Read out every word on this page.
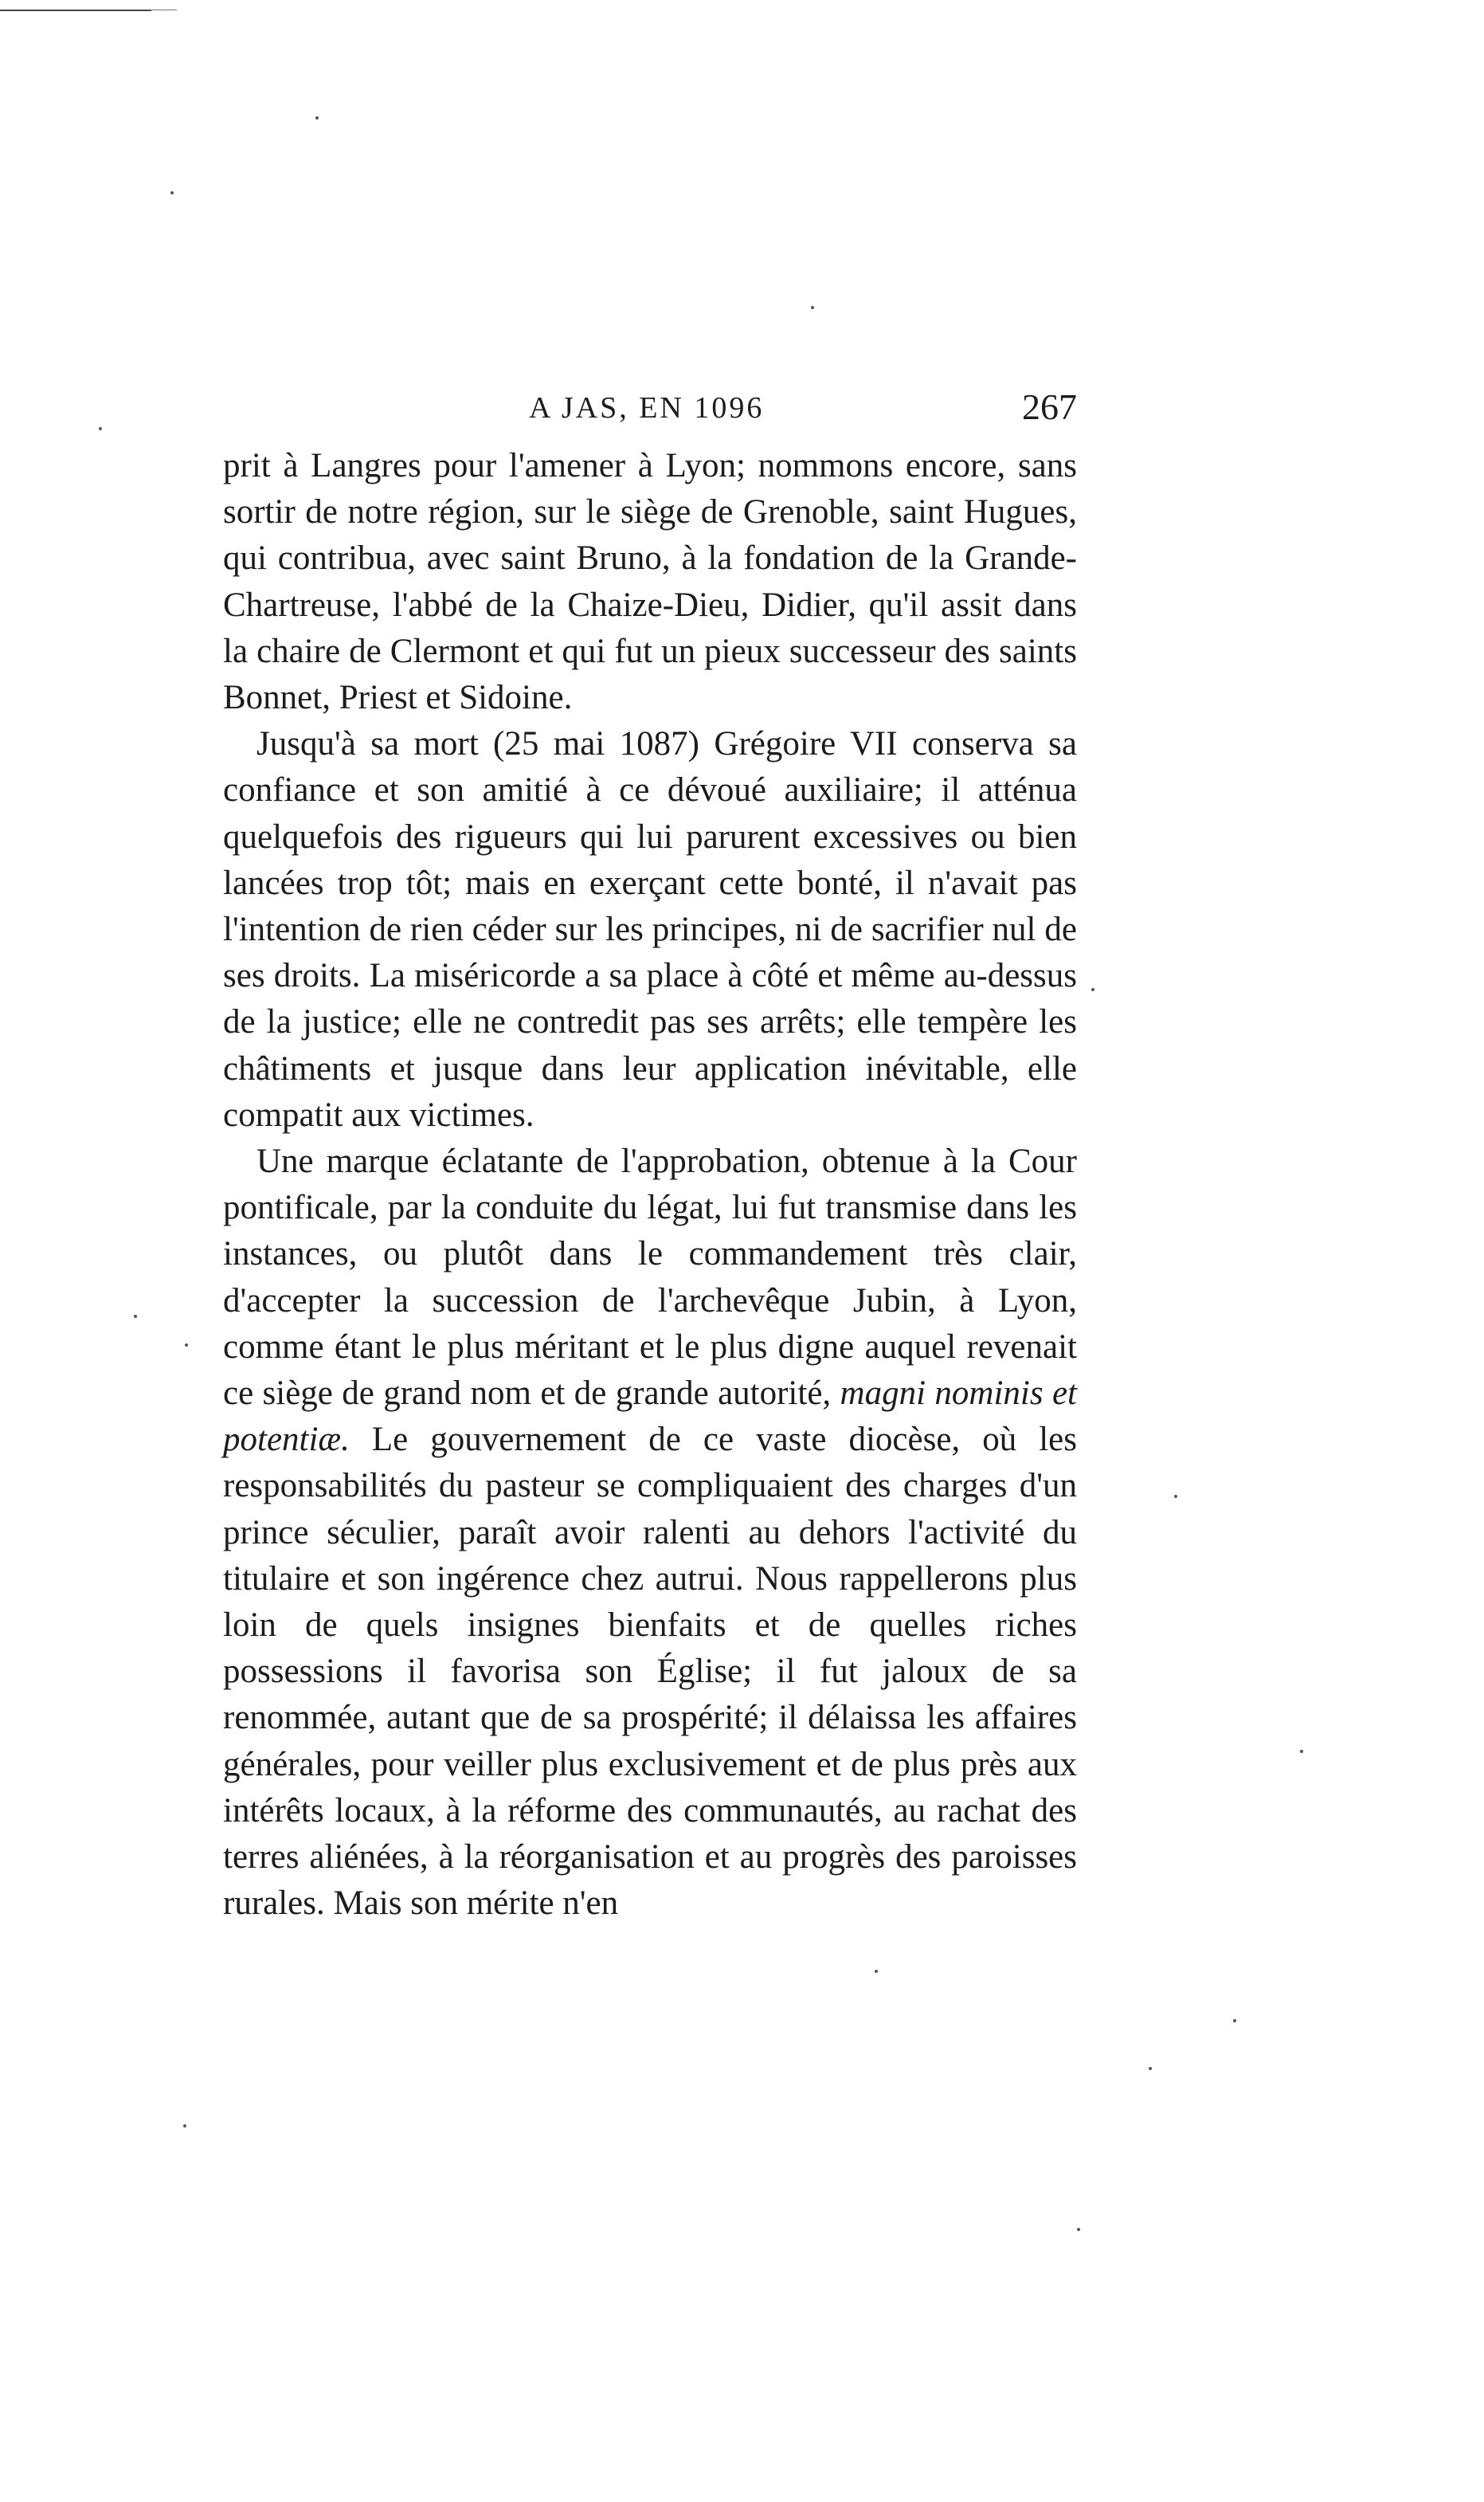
A JAS, EN 1096	267

prit à Langres pour l'amener à Lyon; nommons encore, sans sortir de notre région, sur le siège de Grenoble, saint Hugues, qui contribua, avec saint Bruno, à la fondation de la Grande-Chartreuse, l'abbé de la Chaize-Dieu, Didier, qu'il assit dans la chaire de Clermont et qui fut un pieux successeur des saints Bonnet, Priest et Sidoine.

Jusqu'à sa mort (25 mai 1087) Grégoire VII conserva sa confiance et son amitié à ce dévoué auxiliaire; il atténua quelquefois des rigueurs qui lui parurent excessives ou bien lancées trop tôt; mais en exerçant cette bonté, il n'avait pas l'intention de rien céder sur les principes, ni de sacrifier nul de ses droits. La miséricorde a sa place à côté et même au-dessus de la justice; elle ne contredit pas ses arrêts; elle tempère les châtiments et jusque dans leur application inévitable, elle compatit aux victimes.

Une marque éclatante de l'approbation, obtenue à la Cour pontificale, par la conduite du légat, lui fut transmise dans les instances, ou plutôt dans le commandement très clair, d'accepter la succession de l'archevêque Jubin, à Lyon, comme étant le plus méritant et le plus digne auquel revenait ce siège de grand nom et de grande autorité, magni nominis et potentiæ. Le gouvernement de ce vaste diocèse, où les responsabilités du pasteur se compliquaient des charges d'un prince séculier, paraît avoir ralenti au dehors l'activité du titulaire et son ingérence chez autrui. Nous rappellerons plus loin de quels insignes bienfaits et de quelles riches possessions il favorisa son Église; il fut jaloux de sa renommée, autant que de sa prospérité; il délaissa les affaires générales, pour veiller plus exclusivement et de plus près aux intérêts locaux, à la réforme des communautés, au rachat des terres aliénées, à la réorganisation et au progrès des paroisses rurales. Mais son mérite n'en
